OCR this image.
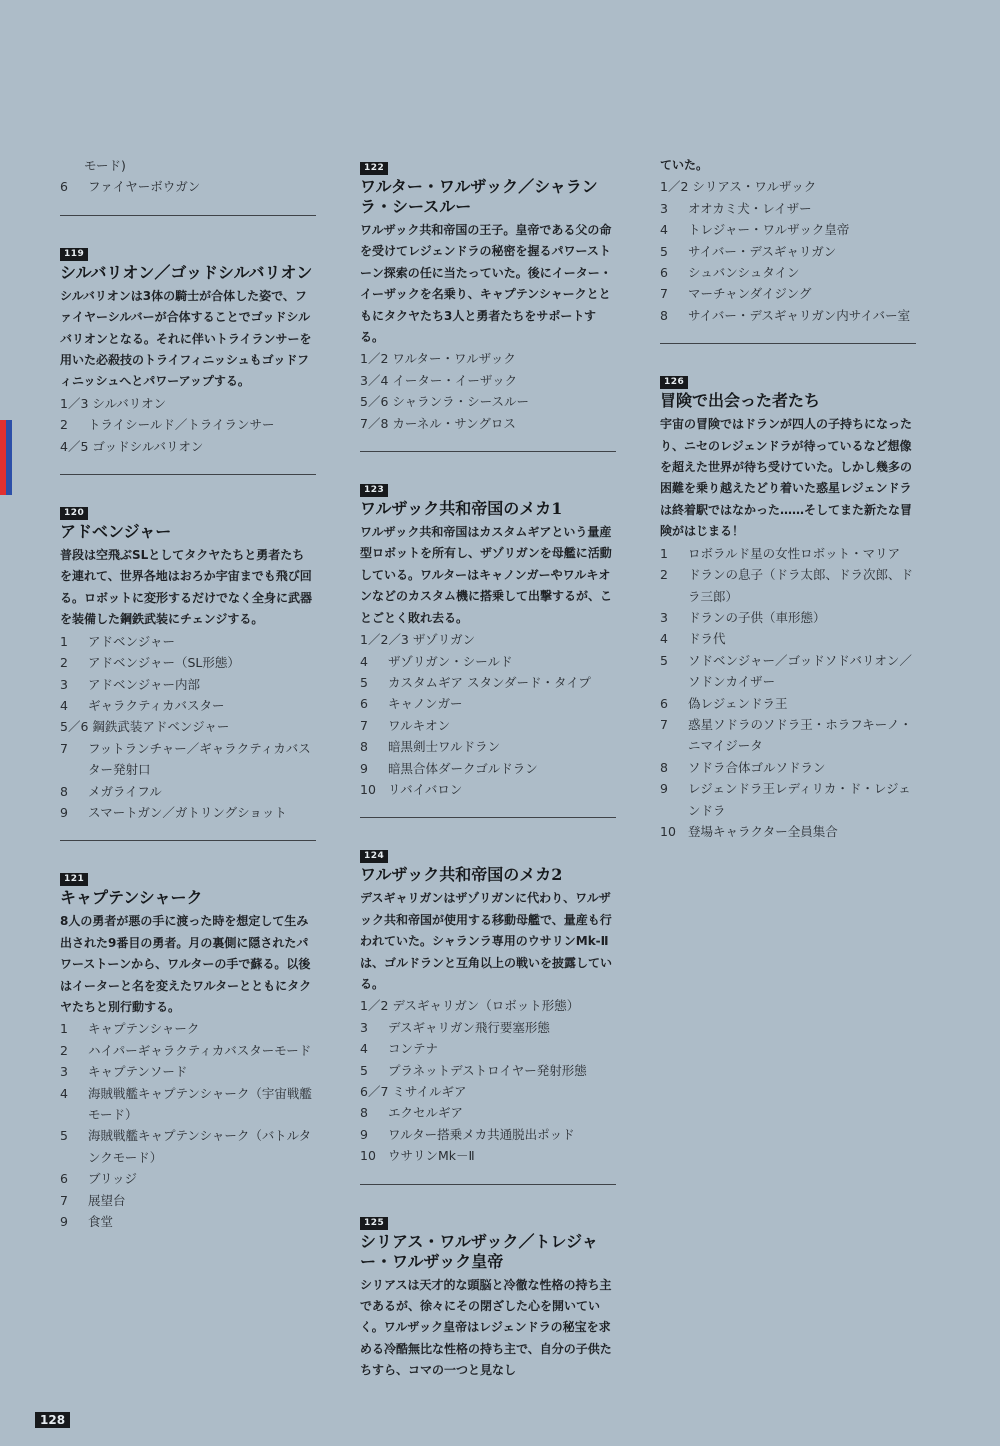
モード)
6	ファイヤーボウガン
119
シルバリオン／ゴッドシルバリオン

シルバリオンは3体の騎士が合体した姿で、ファイヤーシルバーが合体することでゴッドシルバリオンとなる。それに伴いトライランサーを用いた必殺技のトライフィニッシュもゴッドフィニッシュへとパワーアップする。

1／3 シルバリオン
2	トライシールド／トライランサー
4／5 ゴッドシルバリオン
120
アドベンジャー

普段は空飛ぶSLとしてタクヤたちと勇者たちを連れて、世界各地はおろか宇宙までも飛び回る。ロボットに変形するだけでなく全身に武器を装備した鋼鉄武装にチェンジする。

1	アドベンジャー
2	アドベンジャー（SL形態）
3	アドベンジャー内部
4	ギャラクティカバスター
5／6 鋼鉄武装アドベンジャー
7	フットランチャー／ギャラクティカバスター発射口
8	メガライフル
9	スマートガン／ガトリングショット
121
キャプテンシャーク

8人の勇者が悪の手に渡った時を想定して生み出された9番目の勇者。月の裏側に隠されたパワーストーンから、ワルターの手で蘇る。以後はイーターと名を変えたワルターとともにタクヤたちと別行動する。

1	キャプテンシャーク
2	ハイパーギャラクティカバスターモード
3	キャプテンソード
4	海賊戦艦キャプテンシャーク（宇宙戦艦モード）
5	海賊戦艦キャプテンシャーク（バトルタンクモード）
6	ブリッジ
7	展望台
9	食堂
122
ワルター・ワルザック／シャランラ・シースルー

ワルザック共和帝国の王子。皇帝である父の命を受けてレジェンドラの秘密を握るパワーストーン探索の任に当たっていた。後にイーター・イーザックを名乗り、キャプテンシャークとともにタクヤたち3人と勇者たちをサポートする。

1／2 ワルター・ワルザック
3／4 イーター・イーザック
5／6 シャランラ・シースルー
7／8 カーネル・サングロス
123
ワルザック共和帝国のメカ1

ワルザック共和帝国はカスタムギアという量産型ロボットを所有し、ザゾリガンを母艦に活動している。ワルターはキャノンガーやワルキオンなどのカスタム機に搭乗して出撃するが、ことごとく敗れ去る。

1／2／3 ザゾリガン
4	ザゾリガン・シールド
5	カスタムギア スタンダード・タイプ
6	キャノンガー
7	ワルキオン
8	暗黒剣士ワルドラン
9	暗黒合体ダークゴルドラン
10 リバイバロン
124
ワルザック共和帝国のメカ2

デスギャリガンはザゾリガンに代わり、ワルザック共和帝国が使用する移動母艦で、量産も行われていた。シャランラ専用のウサリンMk-Ⅱは、ゴルドランと互角以上の戦いを披露している。

1／2 デスギャリガン（ロボット形態）
3	デスギャリガン飛行要塞形態
4	コンテナ
5	プラネットデストロイヤー発射形態
6／7 ミサイルギア
8	エクセルギア
9	ワルター搭乗メカ共通脱出ポッド
10 ウサリンMk－Ⅱ
125
シリアス・ワルザック／トレジャー・ワルザック皇帝

シリアスは天才的な頭脳と冷徹な性格の持ち主であるが、徐々にその閉ざした心を開いていく。ワルザック皇帝はレジェンドラの秘宝を求める冷酷無比な性格の持ち主で、自分の子供たちすら、コマの一つと見なし

ていた。

1／2 シリアス・ワルザック
3	オオカミ犬・レイザー
4	トレジャー・ワルザック皇帝
5	サイバー・デスギャリガン
6	シュバンシュタイン
7	マーチャンダイジング
8	サイバー・デスギャリガン内サイバー室
126
冒険で出会った者たち

宇宙の冒険ではドランが四人の子持ちになったり、ニセのレジェンドラが待っているなど想像を超えた世界が待ち受けていた。しかし幾多の困難を乗り越えたどり着いた惑星レジェンドラは終着駅ではなかった……そしてまた新たな冒険がはじまる！

1	ロボラルド星の女性ロボット・マリア
2	ドランの息子（ドラ太郎、ドラ次郎、ドラ三郎）
3	ドランの子供（車形態）
4	ドラ代
5	ソドベンジャー／ゴッドソドバリオン／ソドンカイザー
6	偽レジェンドラ王
7	惑星ソドラのソドラ王・ホラフキーノ・ニマイジータ
8	ソドラ合体ゴルソドラン
9	レジェンドラ王レディリカ・ド・レジェンドラ
10 登場キャラクター全員集合
128
